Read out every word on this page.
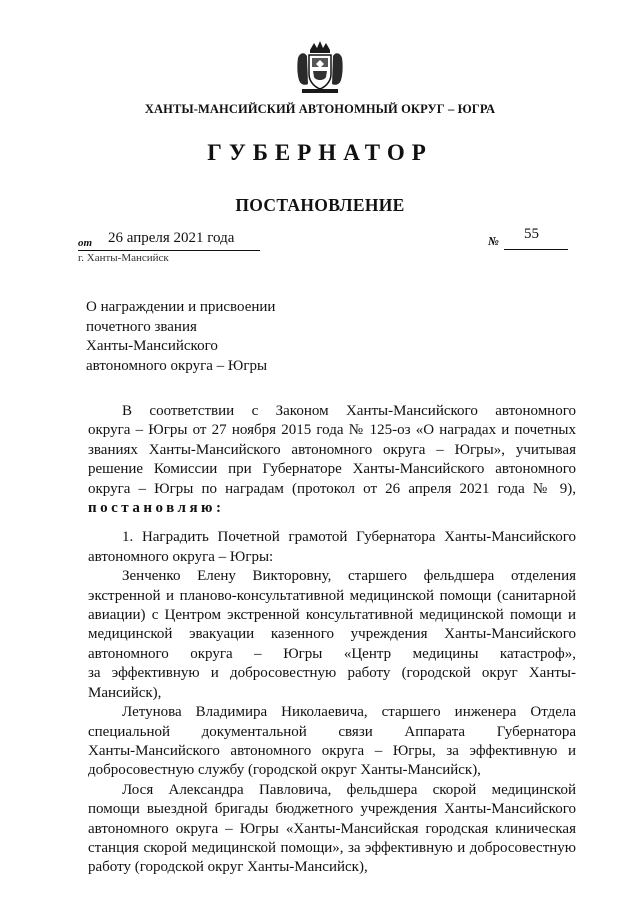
ХАНТЫ-МАНСИЙСКИЙ АВТОНОМНЫЙ ОКРУГ – ЮГРА
ГУБЕРНАТОР
ПОСТАНОВЛЕНИЕ
от 26 апреля 2021 года	№ 55
г. Ханты-Мансийск
О награждении и присвоении
почетного звания
Ханты-Мансийского
автономного округа – Югры
В соответствии с Законом Ханты-Мансийского автономного
округа – Югры от 27 ноября 2015 года № 125-оз «О наградах и почетных
званиях Ханты-Мансийского автономного округа – Югры», учитывая
решение Комиссии при Губернаторе Ханты-Мансийского автономного
округа – Югры по наградам (протокол от 26 апреля 2021 года № 9),
постановляю:
1. Наградить Почетной грамотой Губернатора Ханты-Мансийского
автономного округа – Югры:
Зенченко Елену Викторовну, старшего фельдшера отделения
экстренной и планово-консультативной медицинской помощи (санитарной
авиации) с Центром экстренной консультативной медицинской помощи и
медицинской эвакуации казенного учреждения Ханты-Мансийского
автономного округа – Югры «Центр медицины катастроф»,
за эффективную и добросовестную работу (городской округ Ханты-
Мансийск),
Летунова Владимира Николаевича, старшего инженера Отдела
специальной документальной связи Аппарата Губернатора
Ханты-Мансийского автономного округа – Югры, за эффективную и
добросовестную службу (городской округ Ханты-Мансийск),
Лося Александра Павловича, фельдшера скорой медицинской
помощи выездной бригады бюджетного учреждения Ханты-Мансийского
автономного округа – Югры «Ханты-Мансийская городская клиническая
станция скорой медицинской помощи», за эффективную и добросовестную
работу (городской округ Ханты-Мансийск),
